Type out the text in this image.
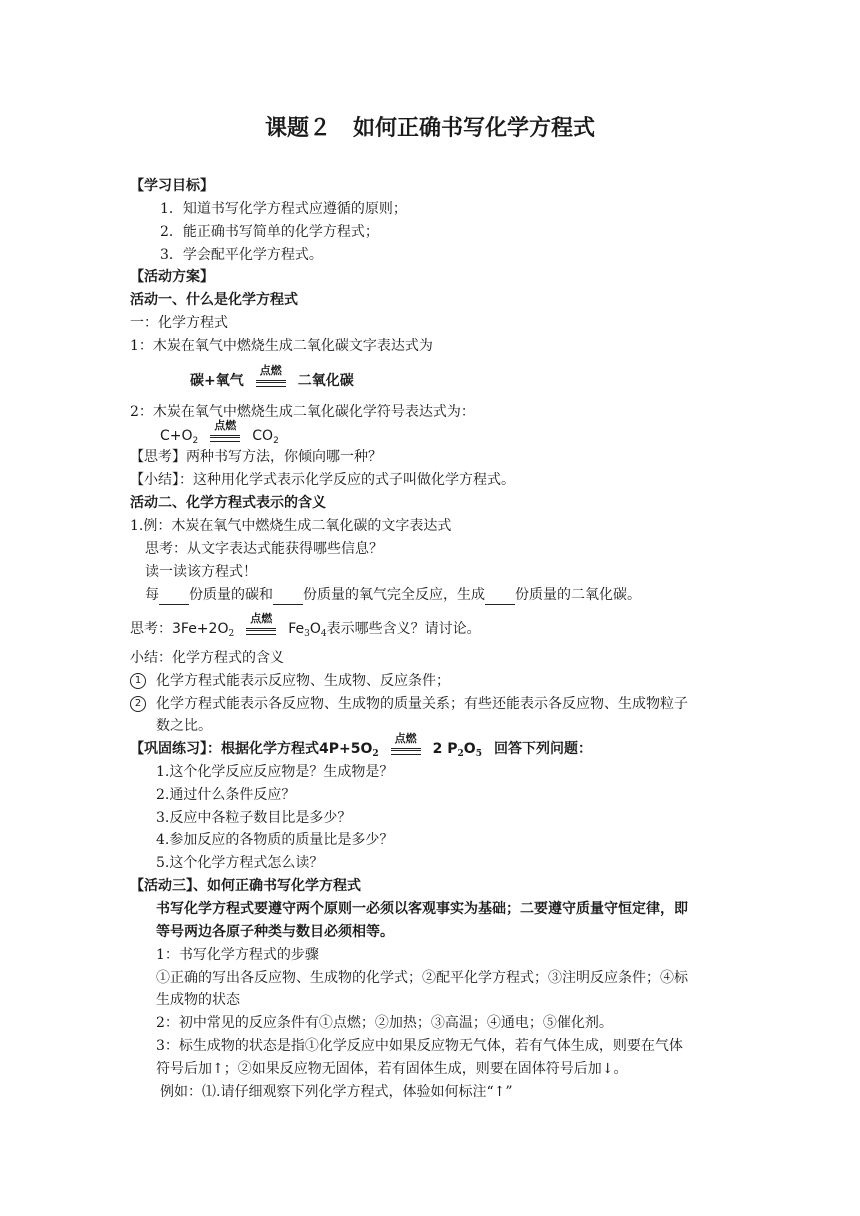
课题２　如何正确书写化学方程式
【学习目标】
1．知道书写化学方程式应遵循的原则；
2．能正确书写简单的化学方程式；
3．学会配平化学方程式。
【活动方案】
活动一、什么是化学方程式
一：化学方程式
1：木炭在氧气中燃烧生成二氧化碳文字表达式为
碳+氧气
点燃
二氧化碳
2：木炭在氧气中燃烧生成二氧化碳化学符号表达式为：
$C+O_2$
点燃
$CO_2$
【思考】两种书写方法，你倾向哪一种？
【小结】：这种用化学式表示化学反应的式子叫做化学方程式。
活动二、化学方程式表示的含义
1.例：木炭在氧气中燃烧生成二氧化碳的文字表达式
思考：从文字表达式能获得哪些信息？
读一读该方程式！
每 份质量的碳和 份质量的氧气完全反应，生成 份质量的二氧化碳。
思考：$3Fe+2O_2$
点燃
$Fe_3O_4$表示哪些含义？请讨论。
小结：化学方程式的含义
1 化学方程式能表示反应物、生成物、反应条件；
2 化学方程式能表示各反应物、生成物的质量关系；有些还能表示各反应物、生成物粒子
数之比。
【巩固练习】：根据化学方程式$4P+5O_2$
点燃
2 $P_2O_5$ 回答下列问题：
1.这个化学反应反应物是？生成物是？
2.通过什么条件反应？
3.反应中各粒子数目比是多少？
4.参加反应的各物质的质量比是多少？
5.这个化学方程式怎么读？
【活动三】、如何正确书写化学方程式
书写化学方程式要遵守两个原则一必须以客观事实为基础；二要遵守质量守恒定律，即
等号两边各原子种类与数目必须相等。
1：书写化学方程式的步骤
①正确的写出各反应物、生成物的化学式；②配平化学方程式；③注明反应条件；④标
生成物的状态
2：初中常见的反应条件有①点燃；②加热；③高温；④通电；⑤催化剂。
3：标生成物的状态是指①化学反应中如果反应物无气体，若有气体生成，则要在气体
符号后加↑；②如果反应物无固体，若有固体生成，则要在固体符号后加↓。
例如：⑴.请仔细观察下列化学方程式，体验如何标注“↑”
